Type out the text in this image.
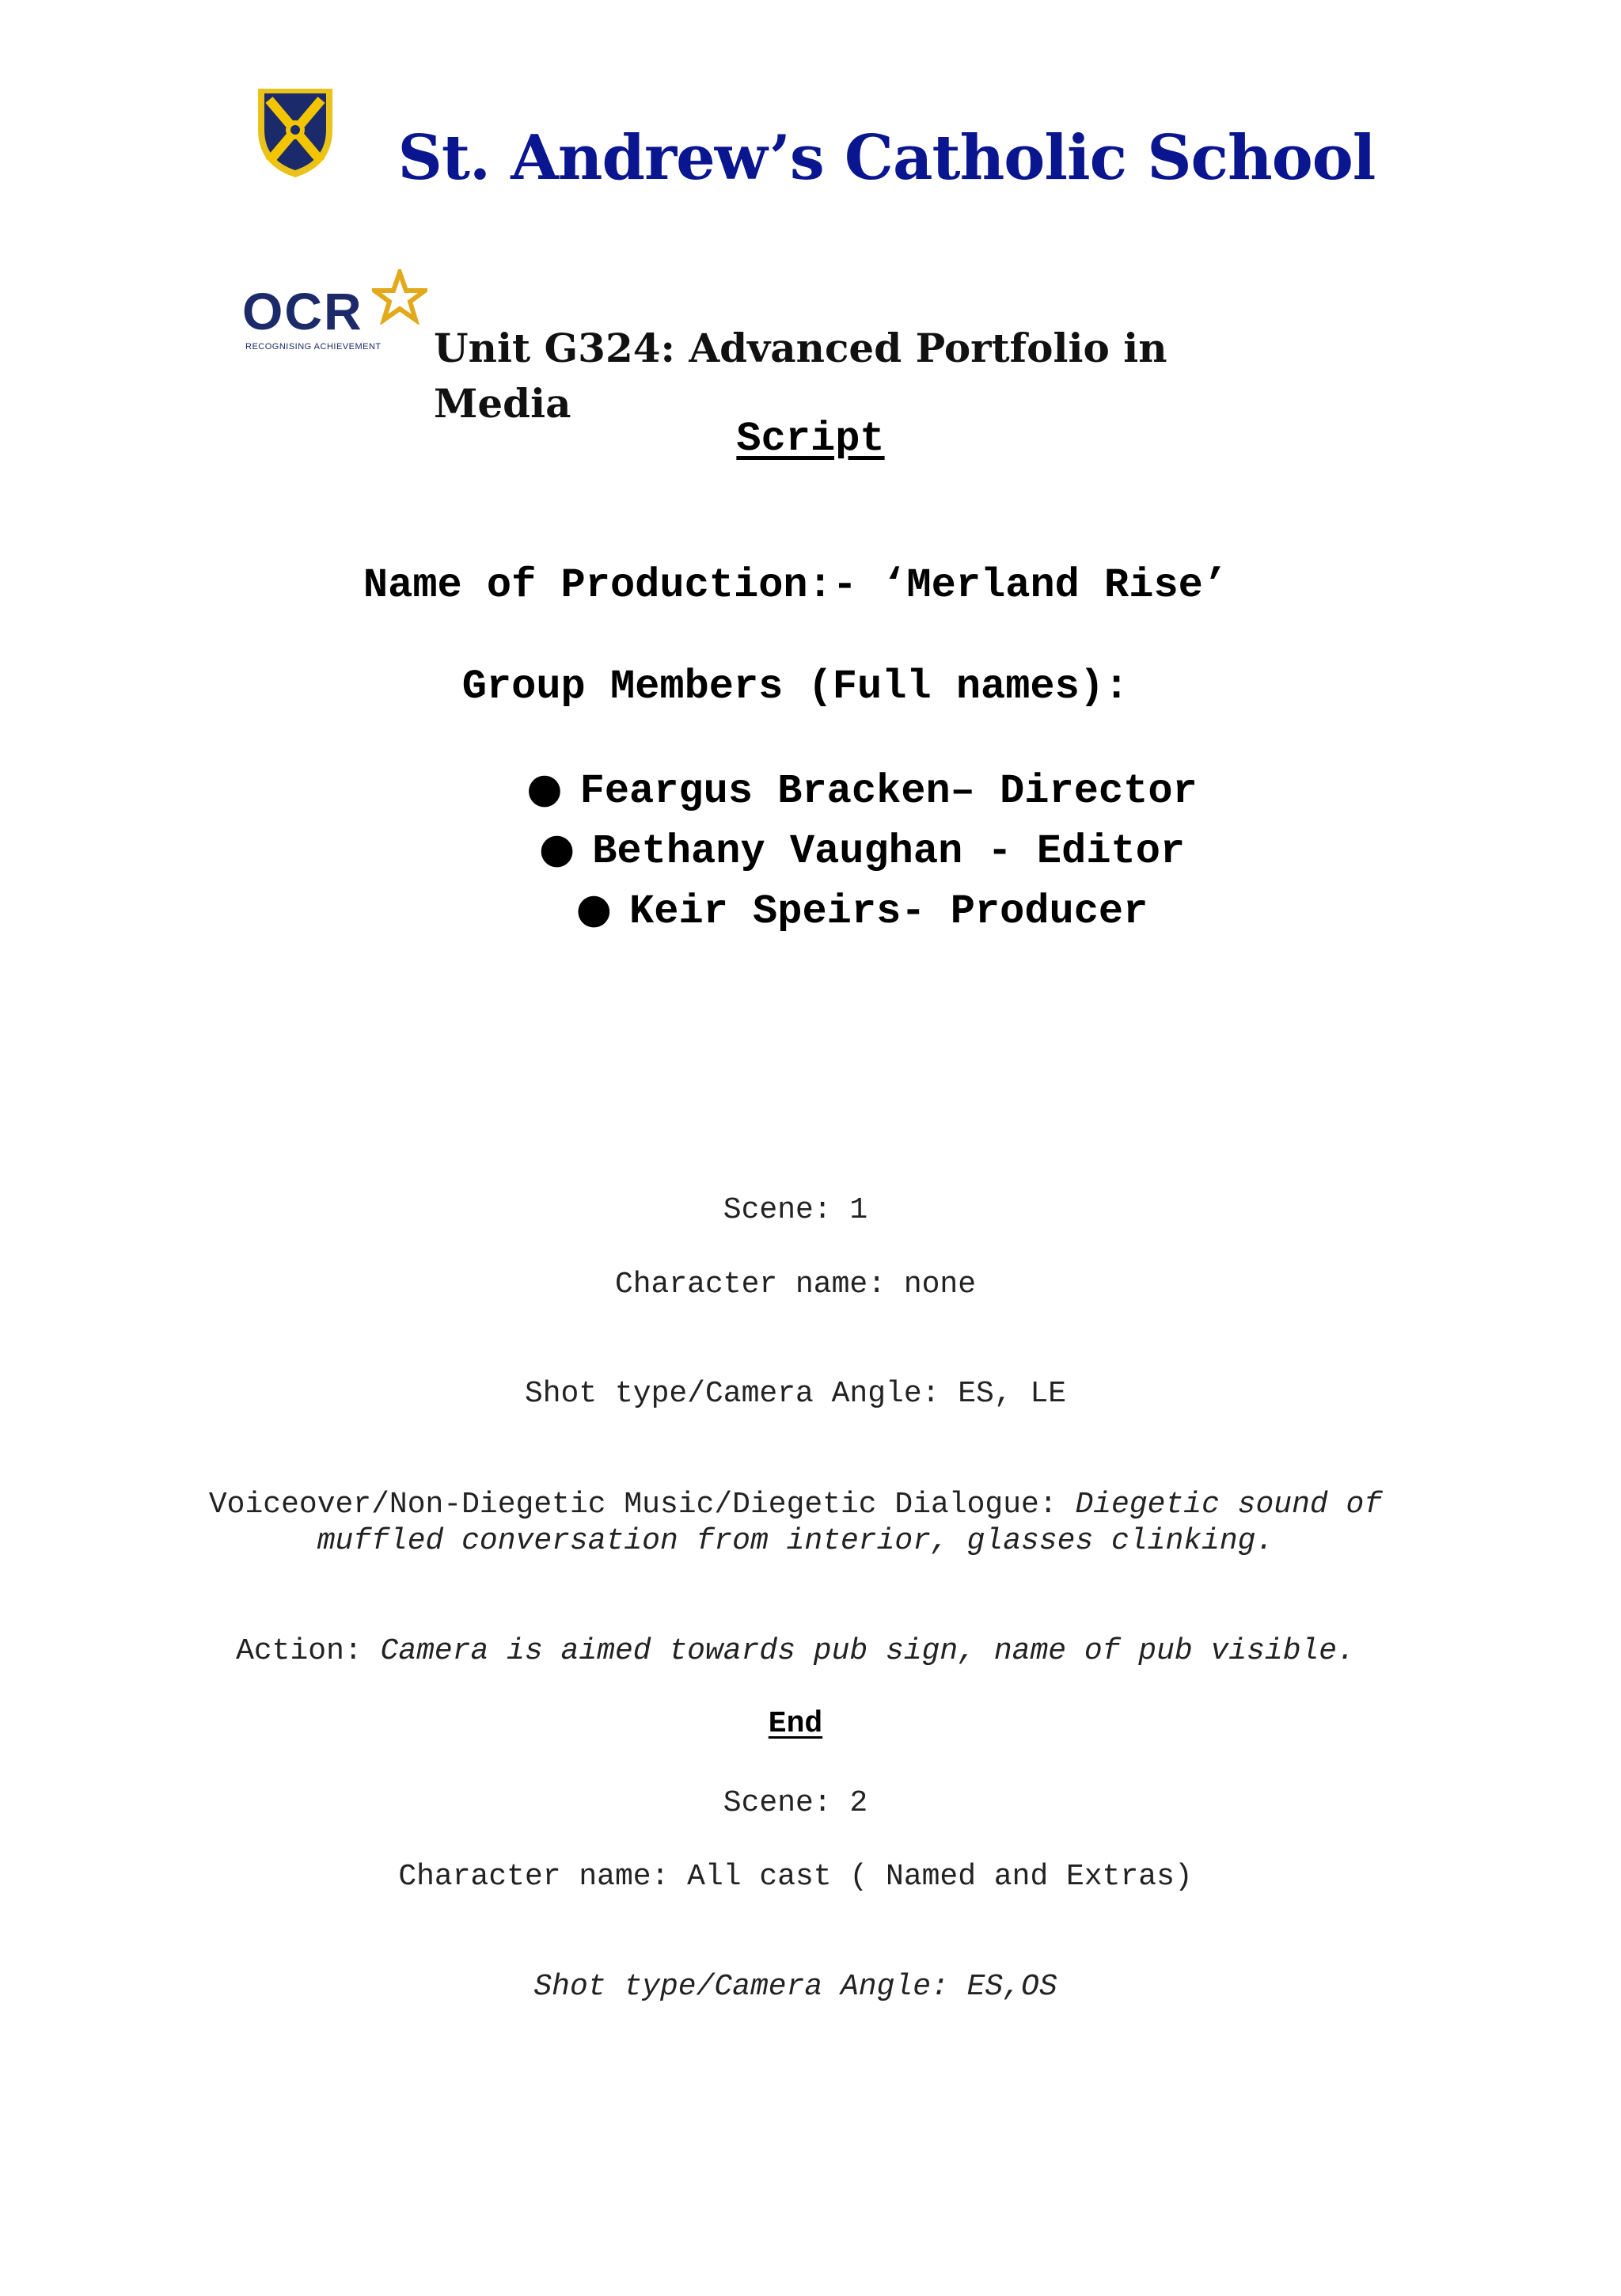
St. Andrew’s Catholic School
OCR
RECOGNISING ACHIEVEMENT Unit G324: Advanced Portfolio in Media
Script
Name of Production:- ‘Merland Rise’
Group Members (Full names):
● Feargus Bracken– Director
● Bethany Vaughan - Editor
● Keir Speirs- Producer
Scene: 1
Character name: none
Shot type/Camera Angle: ES, LE
Voiceover/Non-Diegetic Music/Diegetic Dialogue: Diegetic sound of
muffled conversation from interior, glasses clinking.
Action: Camera is aimed towards pub sign, name of pub visible.
End
Scene: 2
Character name: All cast ( Named and Extras)
Shot type/Camera Angle: ES,OS
